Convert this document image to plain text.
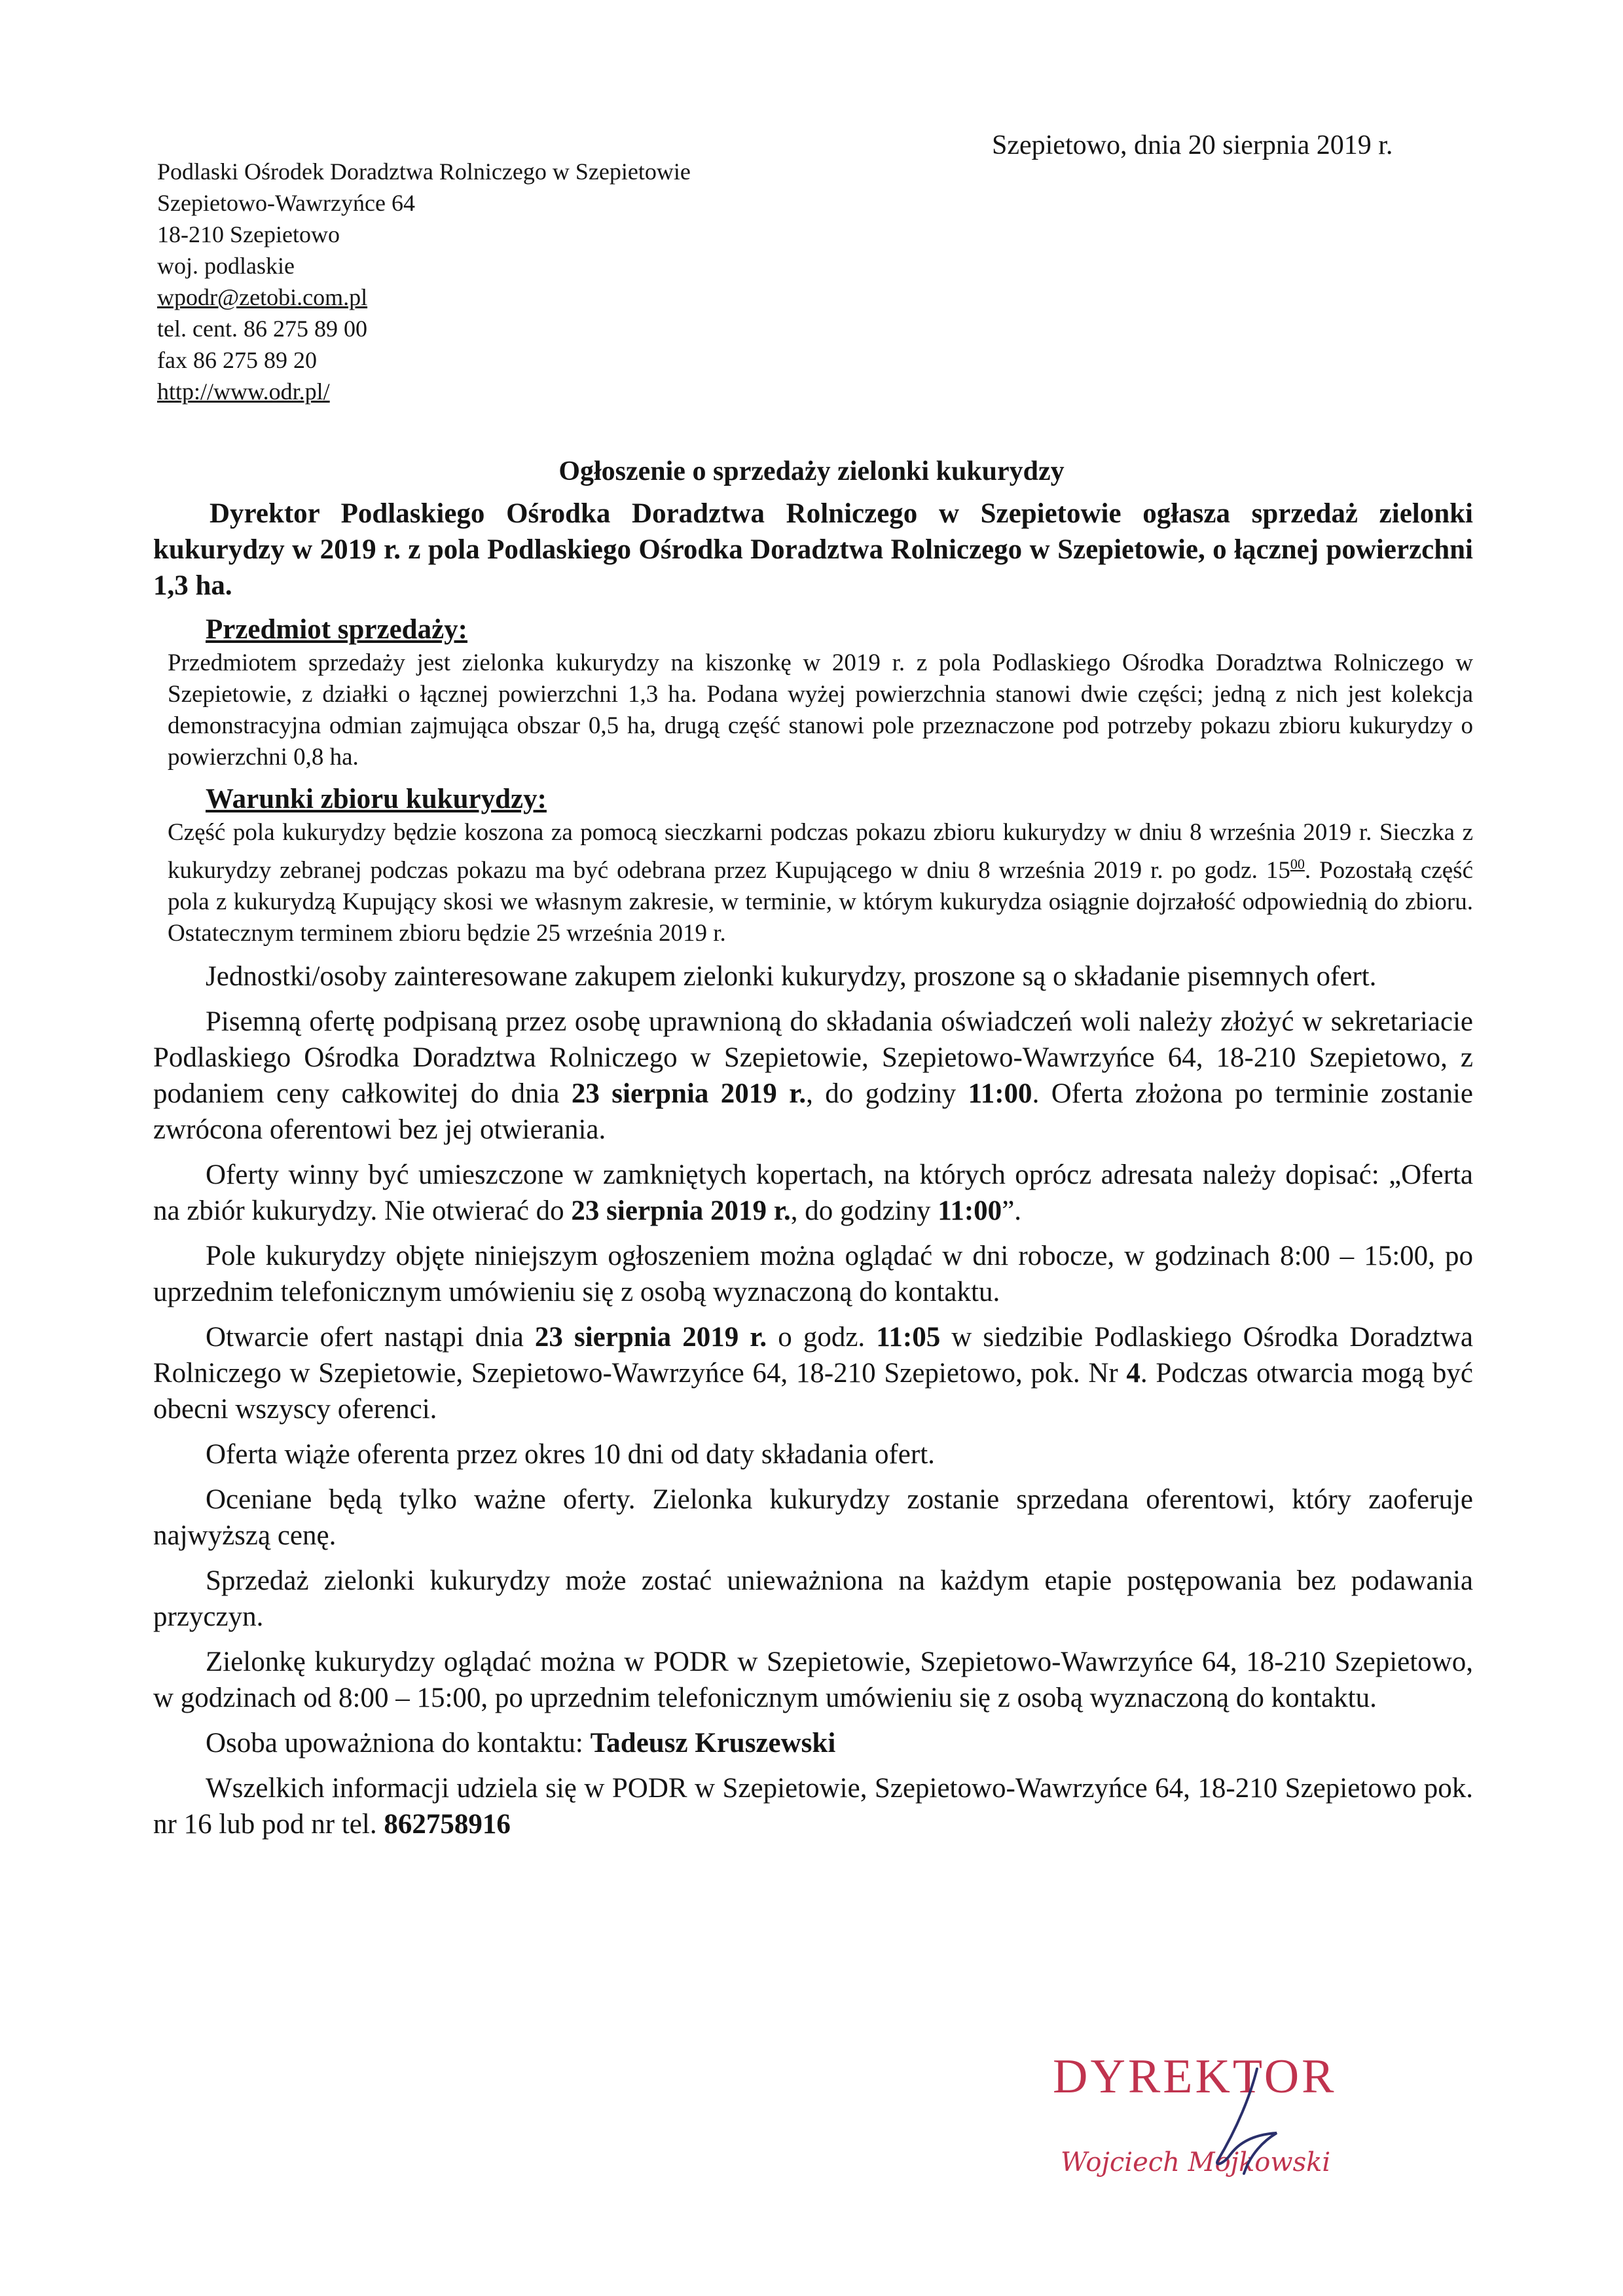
Szepietowo, dnia 20 sierpnia 2019 r.
Podlaski Ośrodek Doradztwa Rolniczego w Szepietowie
Szepietowo-Wawrzyńce 64
18-210 Szepietowo
woj. podlaskie
wpodr@zetobi.com.pl
tel. cent. 86 275 89 00
fax 86 275 89 20
http://www.odr.pl/
Ogłoszenie o sprzedaży zielonki kukurydzy

Dyrektor Podlaskiego Ośrodka Doradztwa Rolniczego w Szepietowie ogłasza sprzedaż zielonki kukurydzy w 2019 r. z pola Podlaskiego Ośrodka Doradztwa Rolniczego w Szepietowie, o łącznej powierzchni 1,3 ha.

Przedmiot sprzedaży:

Przedmiotem sprzedaży jest zielonka kukurydzy na kiszonkę w 2019 r. z pola Podlaskiego Ośrodka Doradztwa Rolniczego w Szepietowie, z działki o łącznej powierzchni 1,3 ha. Podana wyżej powierzchnia stanowi dwie części; jedną z nich jest kolekcja demonstracyjna odmian zajmująca obszar 0,5 ha, drugą część stanowi pole przeznaczone pod potrzeby pokazu zbioru kukurydzy o powierzchni 0,8 ha.

Warunki zbioru kukurydzy:

Część pola kukurydzy będzie koszona za pomocą sieczkarni podczas pokazu zbioru kukurydzy w dniu 8 września 2019 r. Sieczka z kukurydzy zebranej podczas pokazu ma być odebrana przez Kupującego w dniu 8 września 2019 r. po godz. $15^{00}$. Pozostałą część pola z kukurydzą Kupujący skosi we własnym zakresie, w terminie, w którym kukurydza osiągnie dojrzałość odpowiednią do zbioru. Ostatecznym terminem zbioru będzie 25 września 2019 r.

Jednostki/osoby zainteresowane zakupem zielonki kukurydzy, proszone są o składanie pisemnych ofert.

Pisemną ofertę podpisaną przez osobę uprawnioną do składania oświadczeń woli należy złożyć w sekretariacie Podlaskiego Ośrodka Doradztwa Rolniczego w Szepietowie, Szepietowo-Wawrzyńce 64, 18-210 Szepietowo, z podaniem ceny całkowitej do dnia 23 sierpnia 2019 r., do godziny 11:00. Oferta złożona po terminie zostanie zwrócona oferentowi bez jej otwierania.

Oferty winny być umieszczone w zamkniętych kopertach, na których oprócz adresata należy dopisać: „Oferta na zbiór kukurydzy. Nie otwierać do 23 sierpnia 2019 r., do godziny 11:00”.

Pole kukurydzy objęte niniejszym ogłoszeniem można oglądać w dni robocze, w godzinach 8:00 – 15:00, po uprzednim telefonicznym umówieniu się z osobą wyznaczoną do kontaktu.

Otwarcie ofert nastąpi dnia 23 sierpnia 2019 r. o godz. 11:05 w siedzibie Podlaskiego Ośrodka Doradztwa Rolniczego w Szepietowie, Szepietowo-Wawrzyńce 64, 18-210 Szepietowo, pok. Nr 4. Podczas otwarcia mogą być obecni wszyscy oferenci.

Oferta wiąże oferenta przez okres 10 dni od daty składania ofert.

Oceniane będą tylko ważne oferty. Zielonka kukurydzy zostanie sprzedana oferentowi, który zaoferuje najwyższą cenę.

Sprzedaż zielonki kukurydzy może zostać unieważniona na każdym etapie postępowania bez podawania przyczyn.

Zielonkę kukurydzy oglądać można w PODR w Szepietowie, Szepietowo-Wawrzyńce 64, 18-210 Szepietowo, w godzinach od 8:00 – 15:00, po uprzednim telefonicznym umówieniu się z osobą wyznaczoną do kontaktu.

Osoba upoważniona do kontaktu: Tadeusz Kruszewski

Wszelkich informacji udziela się w PODR w Szepietowie, Szepietowo-Wawrzyńce 64, 18-210 Szepietowo pok. nr 16 lub pod nr tel. 862758916

DYREKTOR
Wojciech Mojkowski
